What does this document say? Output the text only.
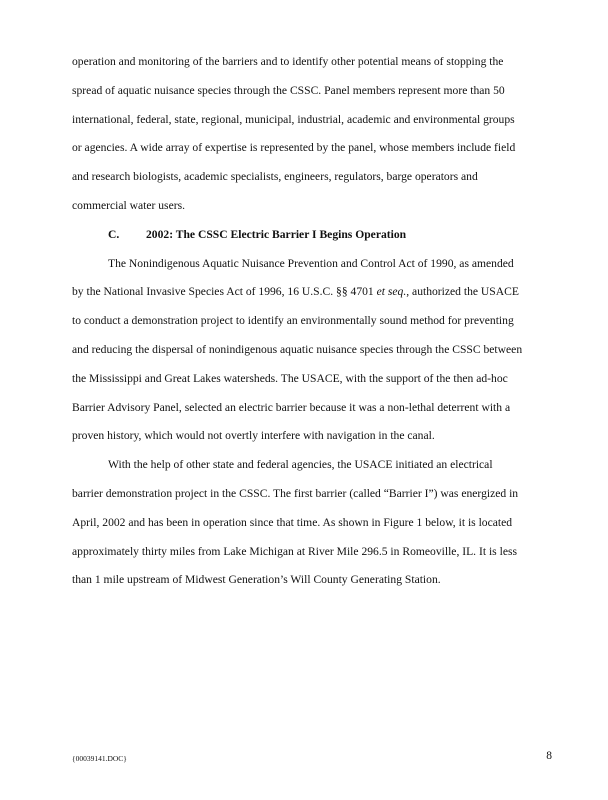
operation and monitoring of the barriers and to identify other potential means of stopping the
spread of aquatic nuisance species through the CSSC. Panel members represent more than 50
international, federal, state, regional, municipal, industrial, academic and environmental groups
or agencies. A wide array of expertise is represented by the panel, whose members include field
and research biologists, academic specialists, engineers, regulators, barge operators and
commercial water users.
C. 2002: The CSSC Electric Barrier I Begins Operation
The Nonindigenous Aquatic Nuisance Prevention and Control Act of 1990, as amended
by the National Invasive Species Act of 1996, 16 U.S.C. §§ 4701 et seq., authorized the USACE
to conduct a demonstration project to identify an environmentally sound method for preventing
and reducing the dispersal of nonindigenous aquatic nuisance species through the CSSC between
the Mississippi and Great Lakes watersheds. The USACE, with the support of the then ad-hoc
Barrier Advisory Panel, selected an electric barrier because it was a non-lethal deterrent with a
proven history, which would not overtly interfere with navigation in the canal.
With the help of other state and federal agencies, the USACE initiated an electrical
barrier demonstration project in the CSSC. The first barrier (called “Barrier I”) was energized in
April, 2002 and has been in operation since that time. As shown in Figure 1 below, it is located
approximately thirty miles from Lake Michigan at River Mile 296.5 in Romeoville, IL. It is less
than 1 mile upstream of Midwest Generation’s Will County Generating Station.
{00039141.DOC}	8
